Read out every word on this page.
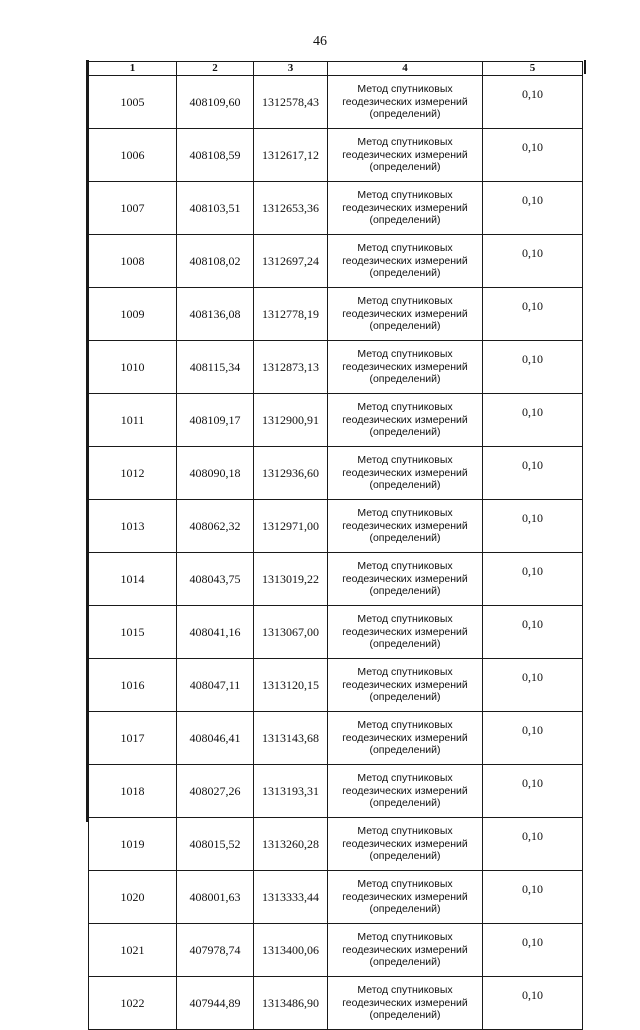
46
1	2	3	4	5
1005	408109,60	1312578,43	Метод спутниковых
геодезических измерений
(определений)	0,10
1006	408108,59	1312617,12	Метод спутниковых
геодезических измерений
(определений)	0,10
1007	408103,51	1312653,36	Метод спутниковых
геодезических измерений
(определений)	0,10
1008	408108,02	1312697,24	Метод спутниковых
геодезических измерений
(определений)	0,10
1009	408136,08	1312778,19	Метод спутниковых
геодезических измерений
(определений)	0,10
1010	408115,34	1312873,13	Метод спутниковых
геодезических измерений
(определений)	0,10
1011	408109,17	1312900,91	Метод спутниковых
геодезических измерений
(определений)	0,10
1012	408090,18	1312936,60	Метод спутниковых
геодезических измерений
(определений)	0,10
1013	408062,32	1312971,00	Метод спутниковых
геодезических измерений
(определений)	0,10
1014	408043,75	1313019,22	Метод спутниковых
геодезических измерений
(определений)	0,10
1015	408041,16	1313067,00	Метод спутниковых
геодезических измерений
(определений)	0,10
1016	408047,11	1313120,15	Метод спутниковых
геодезических измерений
(определений)	0,10
1017	408046,41	1313143,68	Метод спутниковых
геодезических измерений
(определений)	0,10
1018	408027,26	1313193,31	Метод спутниковых
геодезических измерений
(определений)	0,10
1019	408015,52	1313260,28	Метод спутниковых
геодезических измерений
(определений)	0,10
1020	408001,63	1313333,44	Метод спутниковых
геодезических измерений
(определений)	0,10
1021	407978,74	1313400,06	Метод спутниковых
геодезических измерений
(определений)	0,10
1022	407944,89	1313486,90	Метод спутниковых
геодезических измерений
(определений)	0,10
